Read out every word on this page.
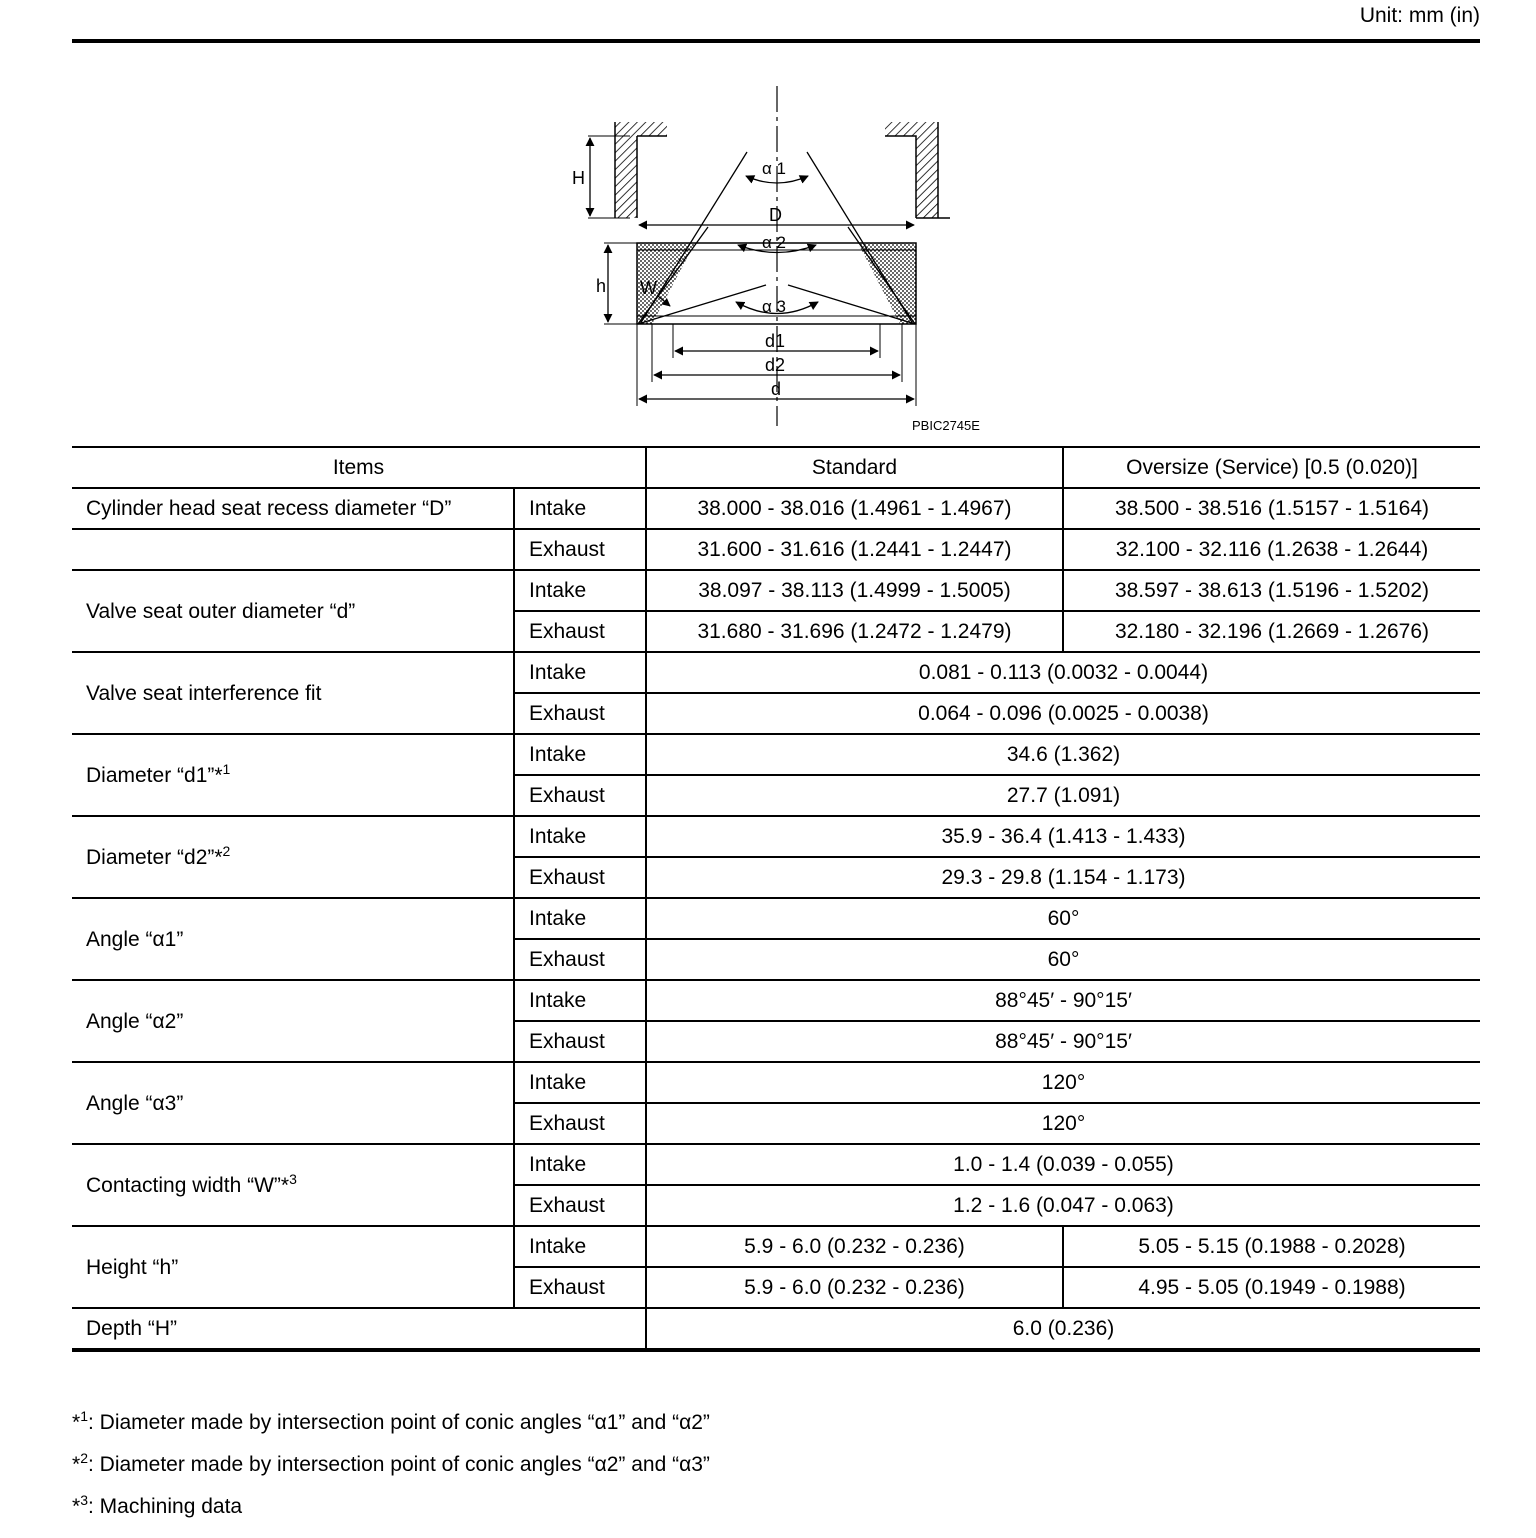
Unit: mm (in)
H
D
α 1
α 2
α 3
h W
d1
d2
d
PBIC2745E
Items		Standard	Oversize (Service) [0.5 (0.020)]
Cylinder head seat recess diameter “D”	Intake	38.000 - 38.016 (1.4961 - 1.4967)	38.500 - 38.516 (1.5157 - 1.5164)
	Exhaust	31.600 - 31.616 (1.2441 - 1.2447)	32.100 - 32.116 (1.2638 - 1.2644)
Valve seat outer diameter “d”	Intake	38.097 - 38.113 (1.4999 - 1.5005)	38.597 - 38.613 (1.5196 - 1.5202)
	Exhaust	31.680 - 31.696 (1.2472 - 1.2479)	32.180 - 32.196 (1.2669 - 1.2676)
Valve seat interference fit	Intake	0.081 - 0.113 (0.0032 - 0.0044)	
	Exhaust	0.064 - 0.096 (0.0025 - 0.0038)	
Diameter “d1”*$^1$	Intake	34.6 (1.362)	
	Exhaust	27.7 (1.091)	
Diameter “d2”*$^2$	Intake	35.9 - 36.4 (1.413 - 1.433)	
	Exhaust	29.3 - 29.8 (1.154 - 1.173)	
Angle “α1”	Intake	60°	
	Exhaust	60°	
Angle “α2”	Intake	88°45′ - 90°15′	
	Exhaust	88°45′ - 90°15′	
Angle “α3”	Intake	120°	
	Exhaust	120°	
Contacting width “W”*$^3$	Intake	1.0 - 1.4 (0.039 - 0.055)	
	Exhaust	1.2 - 1.6 (0.047 - 0.063)	
Height “h”	Intake	5.9 - 6.0 (0.232 - 0.236)	5.05 - 5.15 (0.1988 - 0.2028)
	Exhaust	5.9 - 6.0 (0.232 - 0.236)	4.95 - 5.05 (0.1949 - 0.1988)
Depth “H”		6.0 (0.236)	
*$^1$: Diameter made by intersection point of conic angles “α1” and “α2”
*$^2$: Diameter made by intersection point of conic angles “α2” and “α3”
*$^3$: Machining data
